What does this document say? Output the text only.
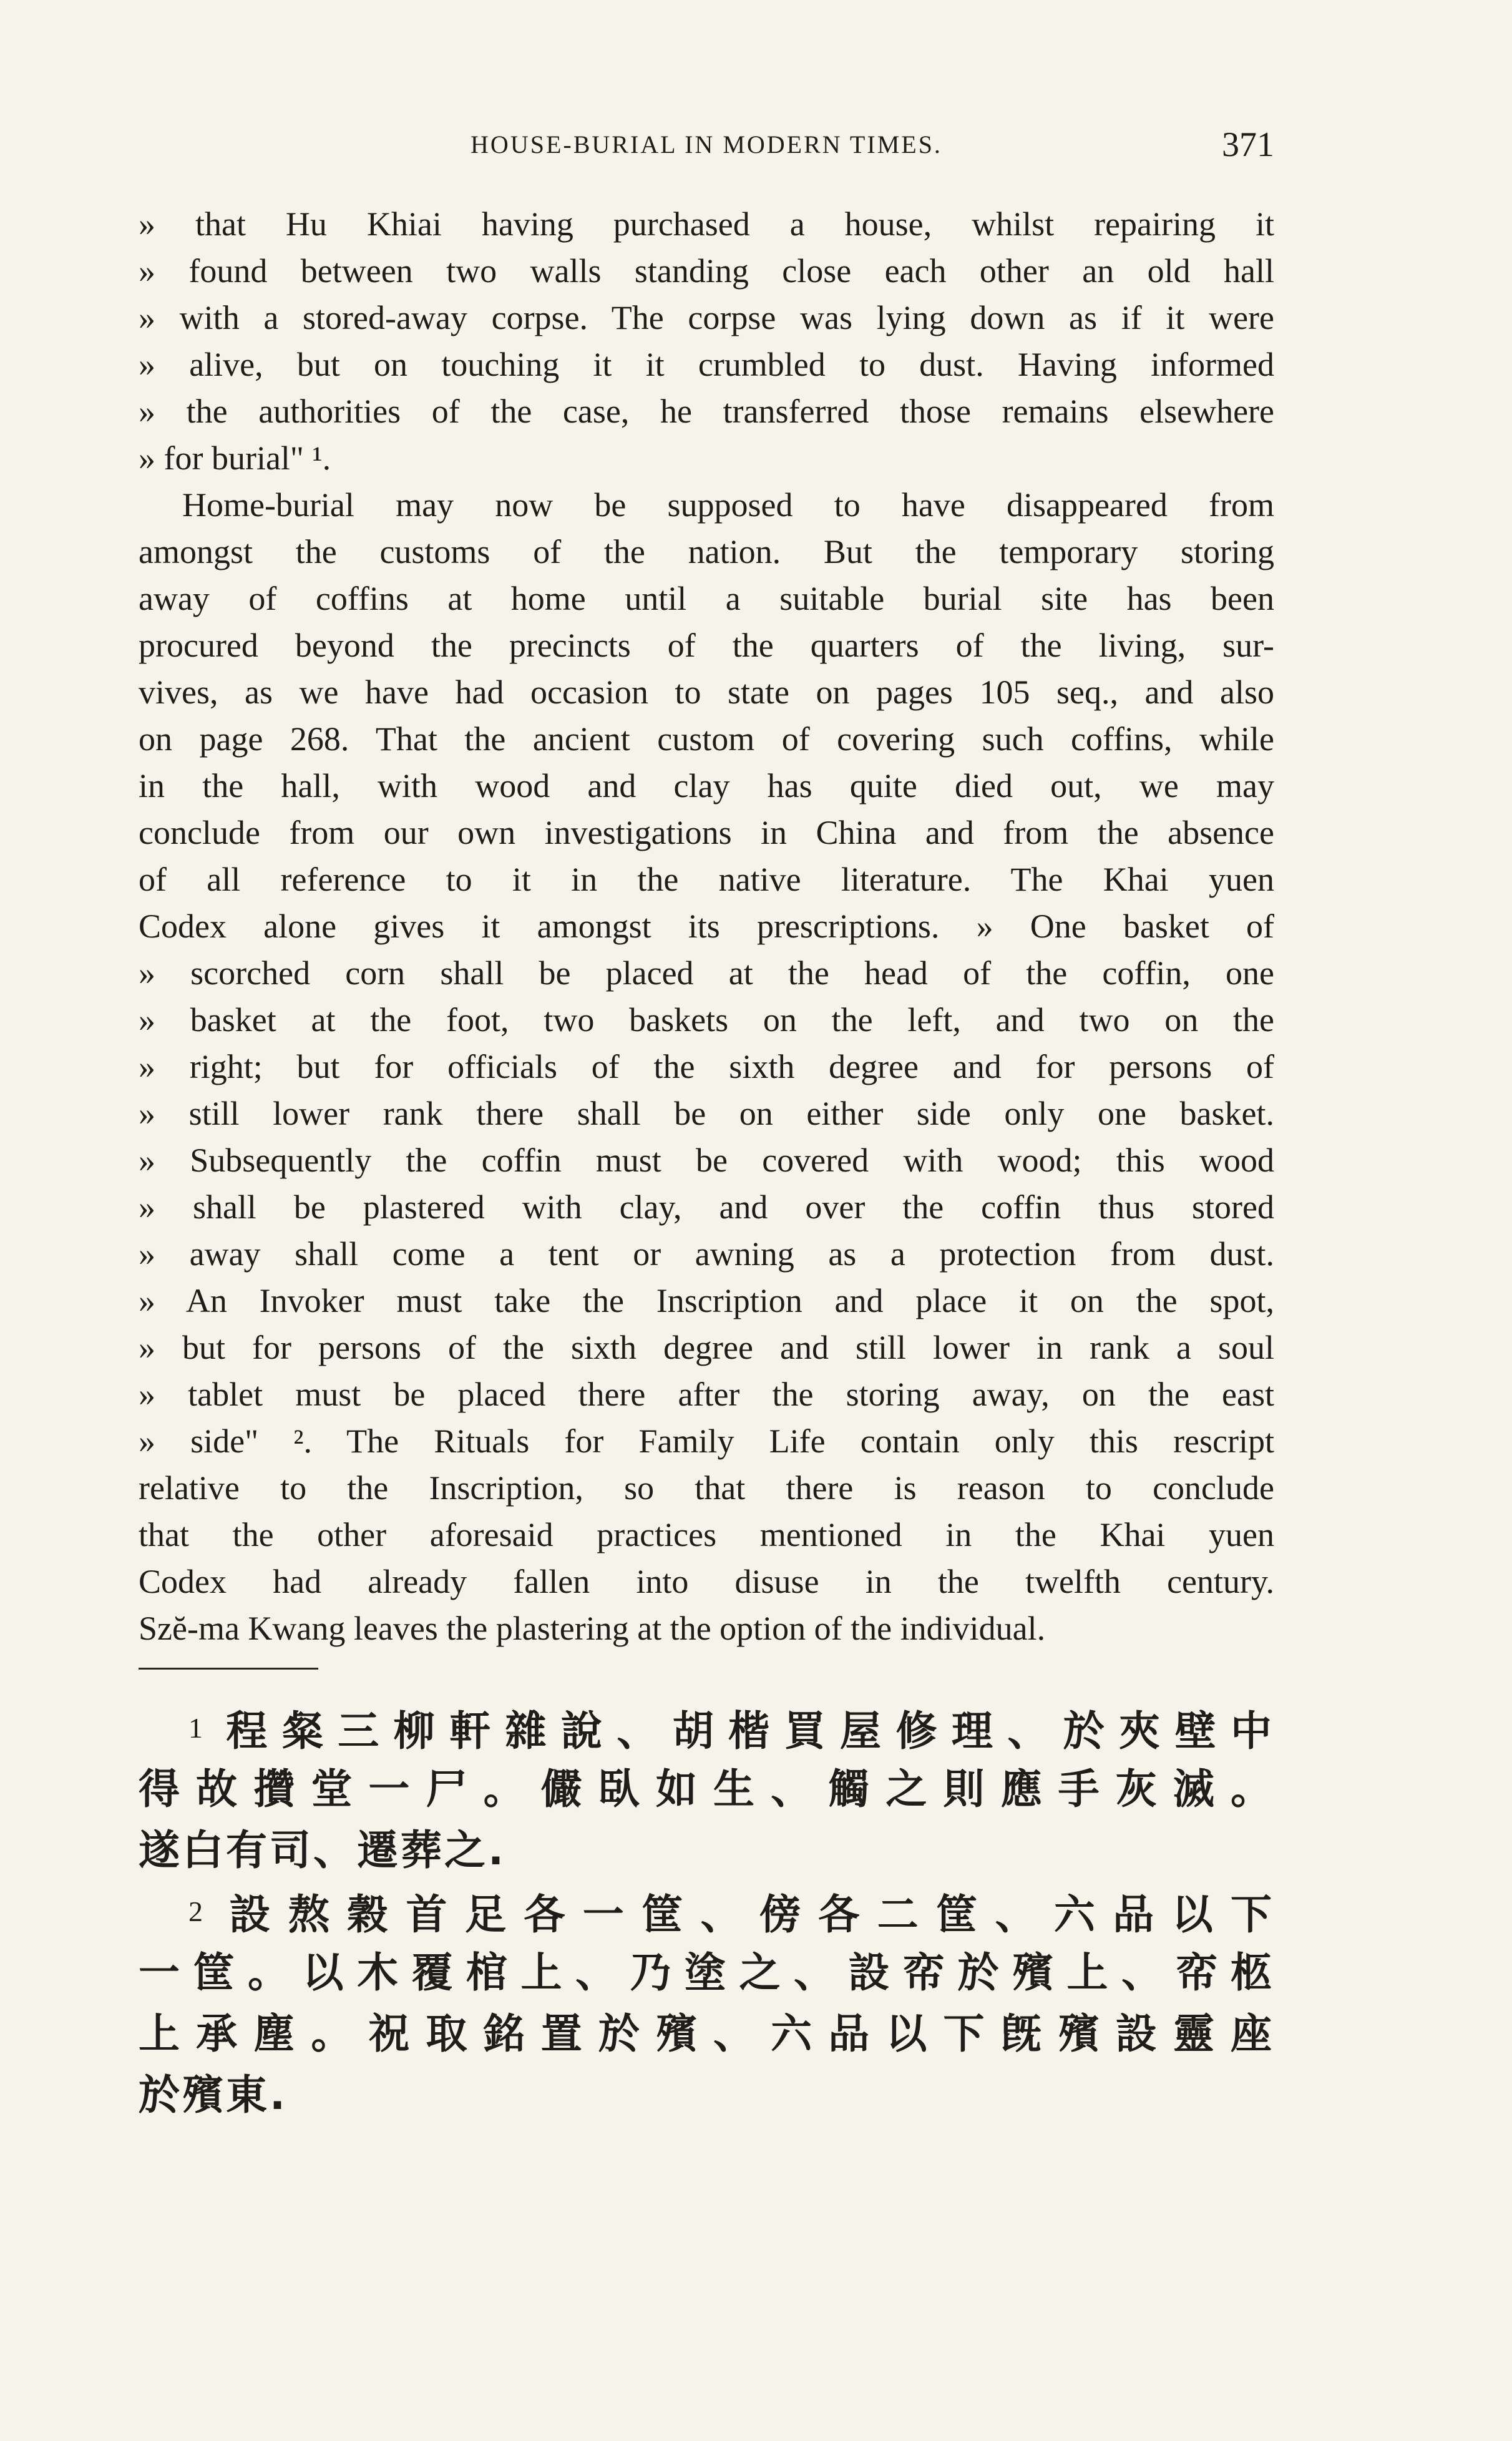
HOUSE-BURIAL IN MODERN TIMES.	371
» that Hu Khiai having purchased a house, whilst repairing it
» found between two walls standing close each other an old hall
» with a stored-away corpse. The corpse was lying down as if it were
» alive, but on touching it it crumbled to dust. Having informed
» the authorities of the case, he transferred those remains elsewhere
» for burial" ¹.
Home-burial may now be supposed to have disappeared from
amongst the customs of the nation. But the temporary storing
away of coffins at home until a suitable burial site has been
procured beyond the precincts of the quarters of the living, sur-
vives, as we have had occasion to state on pages 105 seq., and also
on page 268. That the ancient custom of covering such coffins, while
in the hall, with wood and clay has quite died out, we may
conclude from our own investigations in China and from the absence
of all reference to it in the native literature. The Khai yuen
Codex alone gives it amongst its prescriptions. » One basket of
» scorched corn shall be placed at the head of the coffin, one
» basket at the foot, two baskets on the left, and two on the
» right; but for officials of the sixth degree and for persons of
» still lower rank there shall be on either side only one basket.
» Subsequently the coffin must be covered with wood; this wood
» shall be plastered with clay, and over the coffin thus stored
» away shall come a tent or awning as a protection from dust.
» An Invoker must take the Inscription and place it on the spot,
» but for persons of the sixth degree and still lower in rank a soul
» tablet must be placed there after the storing away, on the east
» side" ². The Rituals for Family Life contain only this rescript
relative to the Inscription, so that there is reason to conclude
that the other aforesaid practices mentioned in the Khai yuen
Codex had already fallen into disuse in the twelfth century.
Szĕ-ma Kwang leaves the plastering at the option of the individual.
1 程粲三柳軒雜說、胡楷買屋修理、於夾壁中
得故攢堂一尸。儼臥如生、觸之則應手灰滅。
遂白有司、遷葬之.
2 設熬穀首足各一筐、傍各二筐、六品以下
一筐。以木覆棺上、乃塗之、設帟於殯上、帟柩
上承塵。祝取銘置於殯、六品以下旣殯設靈座
於殯東.
